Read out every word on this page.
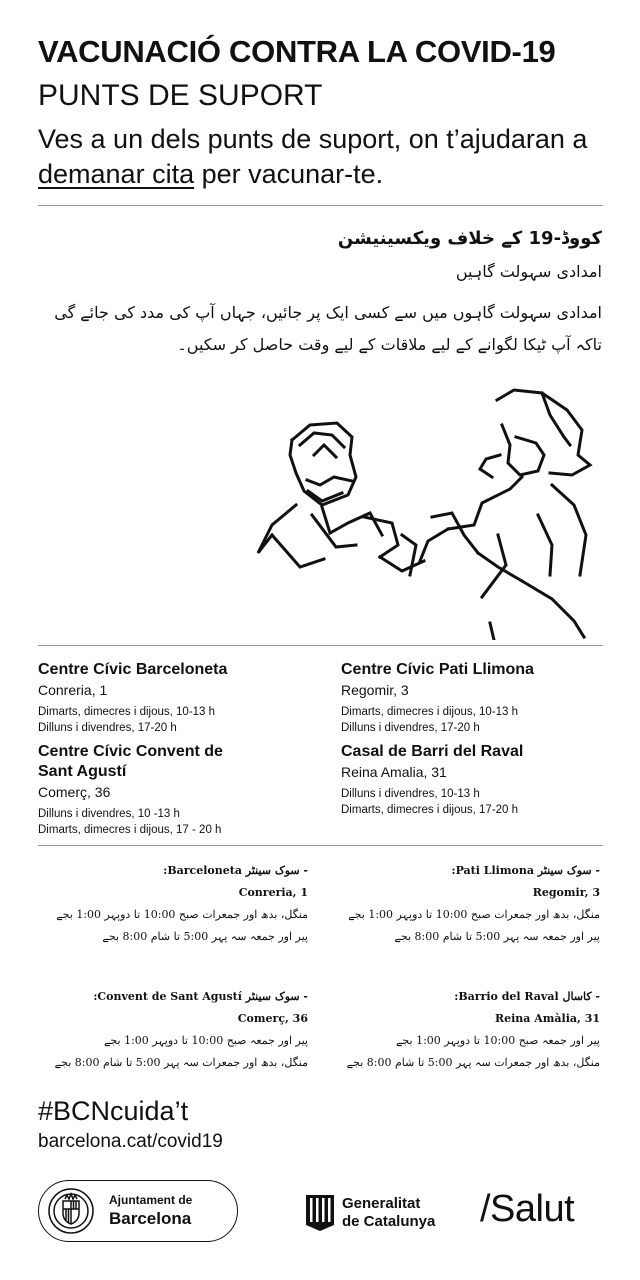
VACUNACIÓ CONTRA LA COVID-19
PUNTS DE SUPORT
Ves a un dels punts de suport, on t’ajudaran a demanar cita per vacunar-te.
کووڈ-19 کے خلاف ویکسینیشن
امدادی سہولت گاہیں
امدادی سہولت گاہوں میں سے کسی ایک پر جائیں، جہاں آپ کی مدد کی جائے گی تاکہ آپ ٹیکا لگوانے کے لیے ملاقات کے لیے وقت حاصل کر سکیں۔
Centre Cívic Barceloneta
Conreria, 1
Dimarts, dimecres i dijous, 10-13 h
Dilluns i divendres, 17-20 h
Centre Cívic Convent de Sant Agustí
Comerç, 36
Dilluns i divendres, 10 -13 h
Dimarts, dimecres i dijous, 17 - 20 h
Centre Cívic Pati Llimona
Regomir, 3
Dimarts, dimecres i dijous, 10-13 h
Dilluns i divendres, 17-20 h
Casal de Barri del Raval
Reina Amalia, 31
Dilluns i divendres, 10-13 h
Dimarts, dimecres i dijous, 17-20 h
- سوک سینٹر Barceloneta:
Conreria, 1
منگل، بدھ اور جمعرات صبح 10:00 تا دوپہر 1:00 بجے
پیر اور جمعہ سہ پہر 5:00 تا شام 8:00 بجے
- سوک سینٹر Pati Llimona:
Regomir, 3
منگل، بدھ اور جمعرات صبح 10:00 تا دوپہر 1:00 بجے
پیر اور جمعہ سہ پہر 5:00 تا شام 8:00 بجے
- سوک سینٹر Convent de Sant Agustí:
Comerç, 36
پیر اور جمعہ صبح 10:00 تا دوپہر 1:00 بجے
منگل، بدھ اور جمعرات سہ پہر 5:00 تا شام 8:00 بجے
- کاسال Barrio del Raval:
Reina Amàlia, 31
پیر اور جمعہ صبح 10:00 تا دوپہر 1:00 بجے
منگل، بدھ اور جمعرات سہ پہر 5:00 تا شام 8:00 بجے
#BCNcuida’t
barcelona.cat/covid19
Ajuntament de
Barcelona
Generalitat
de Catalunya /Salut
